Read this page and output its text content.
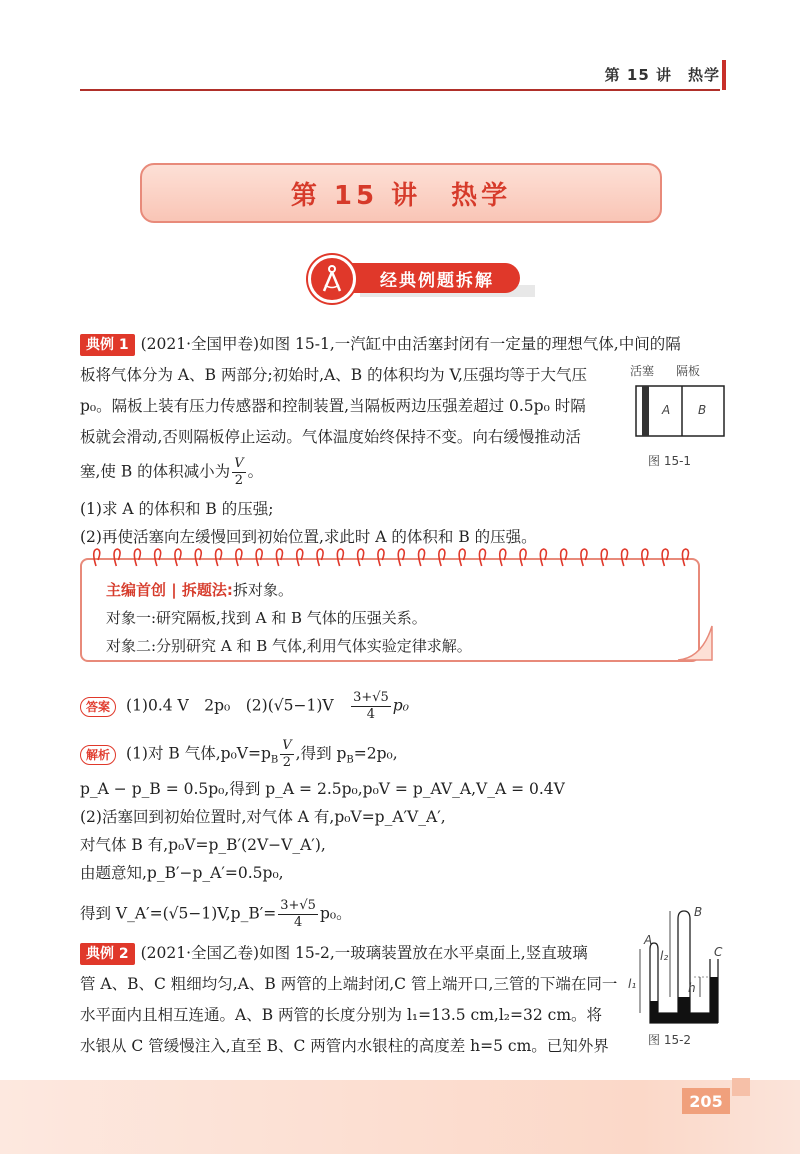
第 15 讲　热学
第 15 讲　热学
经典例题拆解
典例 1 (2021·全国甲卷)如图 15-1,一汽缸中由活塞封闭有一定量的理想气体,中间的隔
板将气体分为 A、B 两部分;初始时,A、B 的体积均为 V,压强均等于大气压
p₀。隔板上装有压力传感器和控制装置,当隔板两边压强差超过 0.5p₀ 时隔
板就会滑动,否则隔板停止运动。气体温度始终保持不变。向右缓慢推动活
塞,使 B 的体积减小为 $\frac{V}{2}$ 。
(1)求 A 的体积和 B 的压强;
(2)再使活塞向左缓慢回到初始位置,求此时 A 的体积和 B 的压强。
活塞 隔板
A B
图 15-1
主编首创 | 拆题法:拆对象。
对象一:研究隔板,找到 A 和 B 气体的压强关系。
对象二:分别研究 A 和 B 气体,利用气体实验定律求解。
答案 (1)0.4 V　2p₀　(2)(√5−1)V　 $\frac{3+√5}{4} p_0$
解析 (1)对 B 气体$,p_0V=p_B \frac{V}{2}$ ,得到 $p_B=2p_0$,
p_A − p_B = 0.5p₀,得到 p_A = 2.5p₀,p₀V = p_AV_A,V_A = 0.4V
(2)活塞回到初始位置时,对气体 A 有,p₀V=p_A′V_A′,
对气体 B 有,p₀V=p_B′(2V−V_A′),
由题意知,p_B′−p_A′=0.5p₀,
得到 V_A′=(√5−1)V,p_B′= $\frac{3+√5}{4} p_0$。
典例 2 (2021·全国乙卷)如图 15-2,一玻璃装置放在水平桌面上,竖直玻璃
管 A、B、C 粗细均匀,A、B 两管的上端封闭,C 管上端开口,三管的下端在同一
水平面内且相互连通。A、B 两管的长度分别为 l₁=13.5 cm,l₂=32 cm。将
水银从 C 管缓慢注入,直至 B、C 两管内水银柱的高度差 h=5 cm。已知外界
A
B
C
l₁
l₂
h
图 15-2
205
